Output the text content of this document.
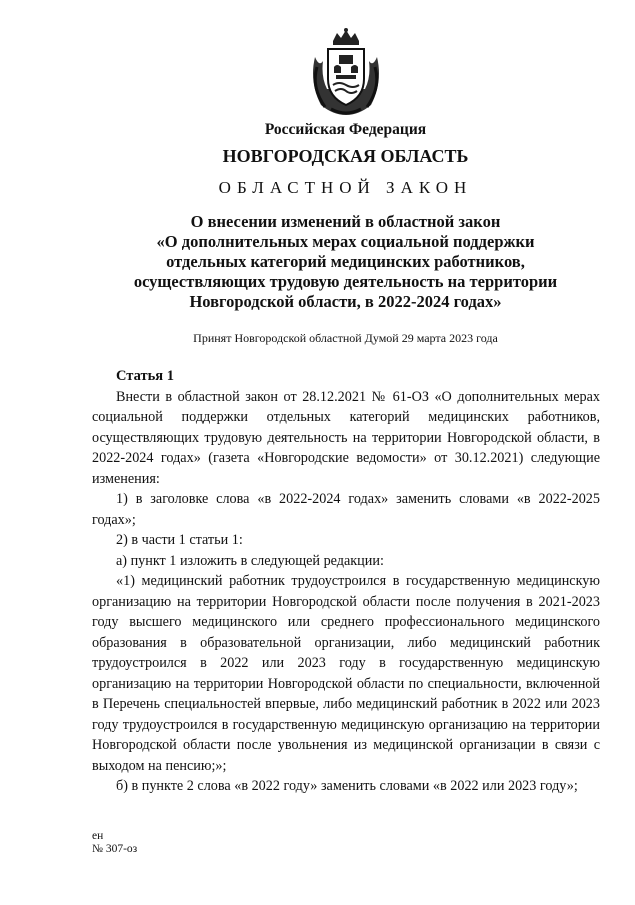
Российская Федерация
НОВГОРОДСКАЯ ОБЛАСТЬ
ОБЛАСТНОЙ ЗАКОН
О внесении изменений в областной закон
«О дополнительных мерах социальной поддержки
отдельных категорий медицинских работников,
осуществляющих трудовую деятельность на территории
Новгородской области, в 2022-2024 годах»
Принят Новгородской областной Думой 29 марта 2023 года
Статья 1

Внести в областной закон от 28.12.2021 № 61-ОЗ «О дополнительных мерах социальной поддержки отдельных категорий медицинских работников, осуществляющих трудовую деятельность на территории Новгородской области, в 2022-2024 годах» (газета «Новгородские ведомости» от 30.12.2021) следующие изменения:

1) в заголовке слова «в 2022-2024 годах» заменить словами «в 2022-2025 годах»;

2) в части 1 статьи 1:

а) пункт 1 изложить в следующей редакции:

«1) медицинский работник трудоустроился в государственную медицинскую организацию на территории Новгородской области после получения в 2021-2023 году высшего медицинского или среднего профессионального медицинского образования в образовательной организации, либо медицинский работник трудоустроился в 2022 или 2023 году в государственную медицинскую организацию на территории Новгородской области по специальности, включенной в Перечень специальностей впервые, либо медицинский работник в 2022 или 2023 году трудоустроился в государственную медицинскую организацию на территории Новгородской области после увольнения из медицинской организации в связи с выходом на пенсию;»;

б) в пункте 2 слова «в 2022 году» заменить словами «в 2022 или 2023 году»;

ен
№ 307-оз
